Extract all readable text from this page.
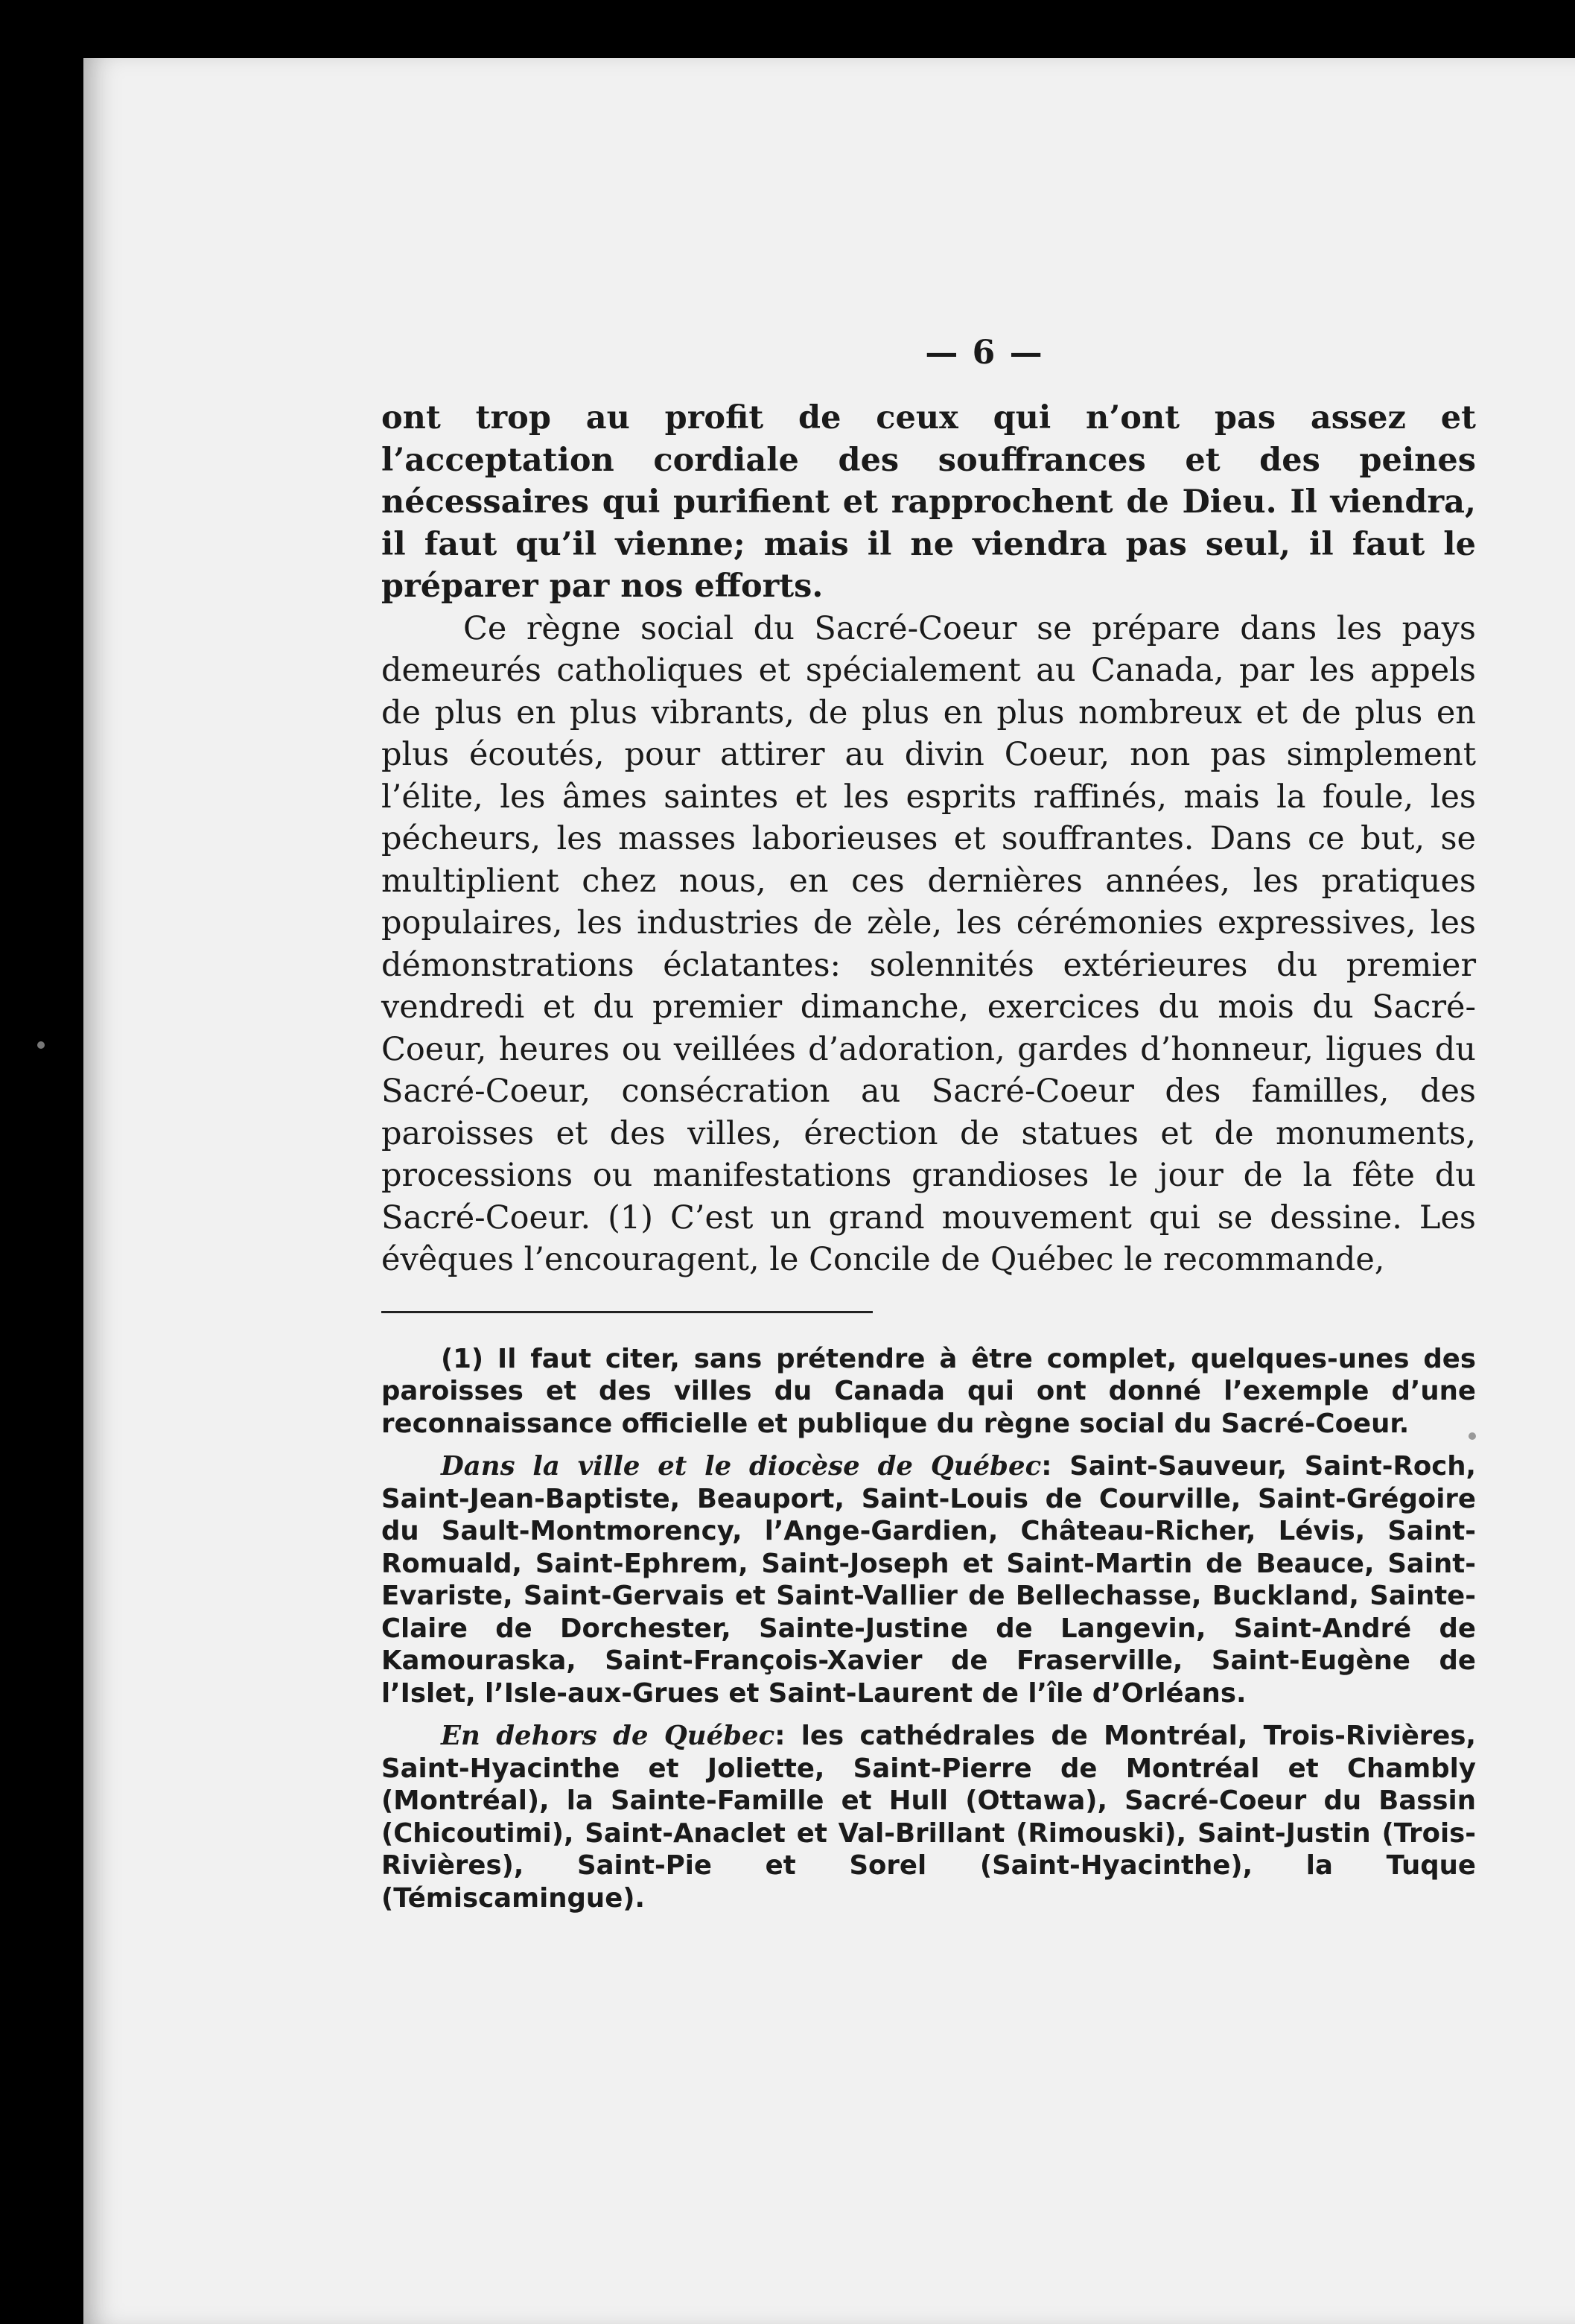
— 6 —

ont trop au profit de ceux qui n’ont pas assez et l’acceptation cordiale des souffrances et des peines nécessaires qui purifient et rapprochent de Dieu. Il viendra, il faut qu’il vienne; mais il ne viendra pas seul, il faut le préparer par nos efforts.

Ce règne social du Sacré-Coeur se prépare dans les pays demeurés catholiques et spécialement au Canada, par les appels de plus en plus vibrants, de plus en plus nombreux et de plus en plus écoutés, pour attirer au divin Coeur, non pas simplement l’élite, les âmes saintes et les esprits raffinés, mais la foule, les pécheurs, les masses laborieuses et souffrantes. Dans ce but, se multiplient chez nous, en ces dernières années, les pratiques populaires, les industries de zèle, les cérémonies expressives, les démonstrations éclatantes: solennités extérieures du premier vendredi et du premier dimanche, exercices du mois du Sacré-Coeur, heures ou veillées d’adoration, gardes d’honneur, ligues du Sacré-Coeur, consécration au Sacré-Coeur des familles, des paroisses et des villes, érection de statues et de monuments, processions ou manifestations grandioses le jour de la fête du Sacré-Coeur. (1) C’est un grand mouvement qui se dessine. Les évêques l’encouragent, le Concile de Québec le recommande,

(1) Il faut citer, sans prétendre à être complet, quelques-unes des paroisses et des villes du Canada qui ont donné l’exemple d’une reconnaissance officielle et publique du règne social du Sacré-Coeur.

Dans la ville et le diocèse de Québec: Saint-Sauveur, Saint-Roch, Saint-Jean-Baptiste, Beauport, Saint-Louis de Courville, Saint-Grégoire du Sault-Montmorency, l’Ange-Gardien, Château-Richer, Lévis, Saint-Romuald, Saint-Ephrem, Saint-Joseph et Saint-Martin de Beauce, Saint-Evariste, Saint-Gervais et Saint-Vallier de Bellechasse, Buckland, Sainte-Claire de Dorchester, Sainte-Justine de Langevin, Saint-André de Kamouraska, Saint-François-Xavier de Fraserville, Saint-Eugène de l’Islet, l’Isle-aux-Grues et Saint-Laurent de l’île d’Orléans.

En dehors de Québec: les cathédrales de Montréal, Trois-Rivières, Saint-Hyacinthe et Joliette, Saint-Pierre de Montréal et Chambly (Montréal), la Sainte-Famille et Hull (Ottawa), Sacré-Coeur du Bassin (Chicoutimi), Saint-Anaclet et Val-Brillant (Rimouski), Saint-Justin (Trois-Rivières), Saint-Pie et Sorel (Saint-Hyacinthe), la Tuque (Témiscamingue).
